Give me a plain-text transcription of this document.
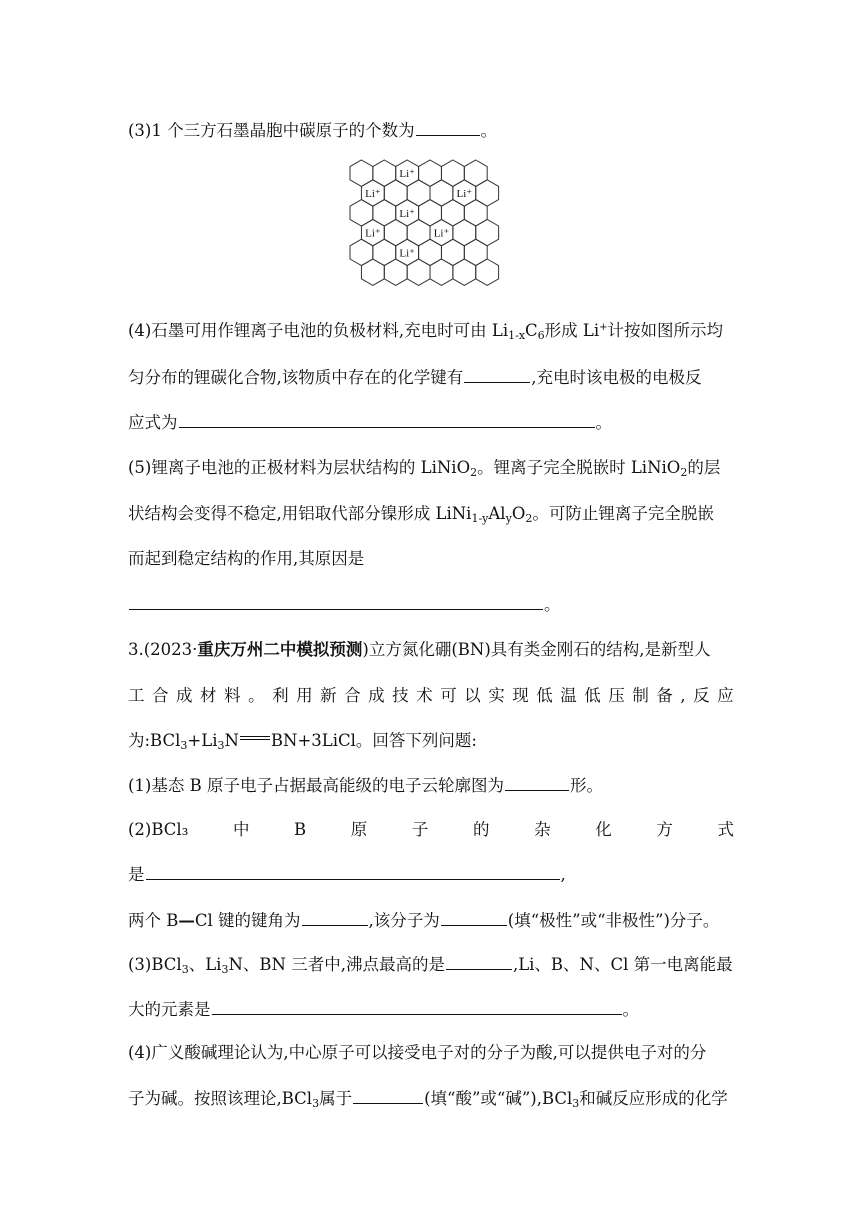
(3)1 个三方石墨晶胞中碳原子的个数为	。
Li⁺
Li⁺	Li⁺
Li⁺
Li⁺	Li⁺
Li⁺
(4)石墨可用作锂离子电池的负极材料,充电时可由 $Li_{1-x}C_6$形成 Li+计按如图所示均
匀分布的锂碳化合物,该物质中存在的化学键有	,充电时该电极的电极反
应式为	。
(5)锂离子电池的正极材料为层状结构的 LiNiO$_2$。锂离子完全脱嵌时 LiNiO$_2$的层
状结构会变得不稳定,用铝取代部分镍形成 $LiNi_{1-y}Al_yO_2$。可防止锂离子完全脱嵌
而起到稳定结构的作用,其原因是
。
3.(2023·重庆万州二中模拟预测)立方氮化硼(BN)具有类金刚石的结构,是新型人
工 合 成 材 料 。 利 用 新 合 成 技 术 可 以 实 现 低 温 低 压 制 备 , 反 应
为$:BCl_3+Li_3N$ BN+3LiCl。回答下列问题:
(1)基态 B 原子电子占据最高能级的电子云轮廓图为	形。
(2)BCl₃	中	B	原	子	的	杂	化	方	式
是	,
两个 B—Cl 键的键角为	,该分子为	(填“极性”或“非极性”)分子。
(3)BCl$_3$、$Li_3N$、BN 三者中,沸点最高的是	,Li、B、N、Cl 第一电离能最
大的元素是	。
(4)广义酸碱理论认为,中心原子可以接受电子对的分子为酸,可以提供电子对的分
子为碱。按照该理论,BCl$_3$属于	(填“酸”或“碱”),BCl$_3$和碱反应形成的化学
